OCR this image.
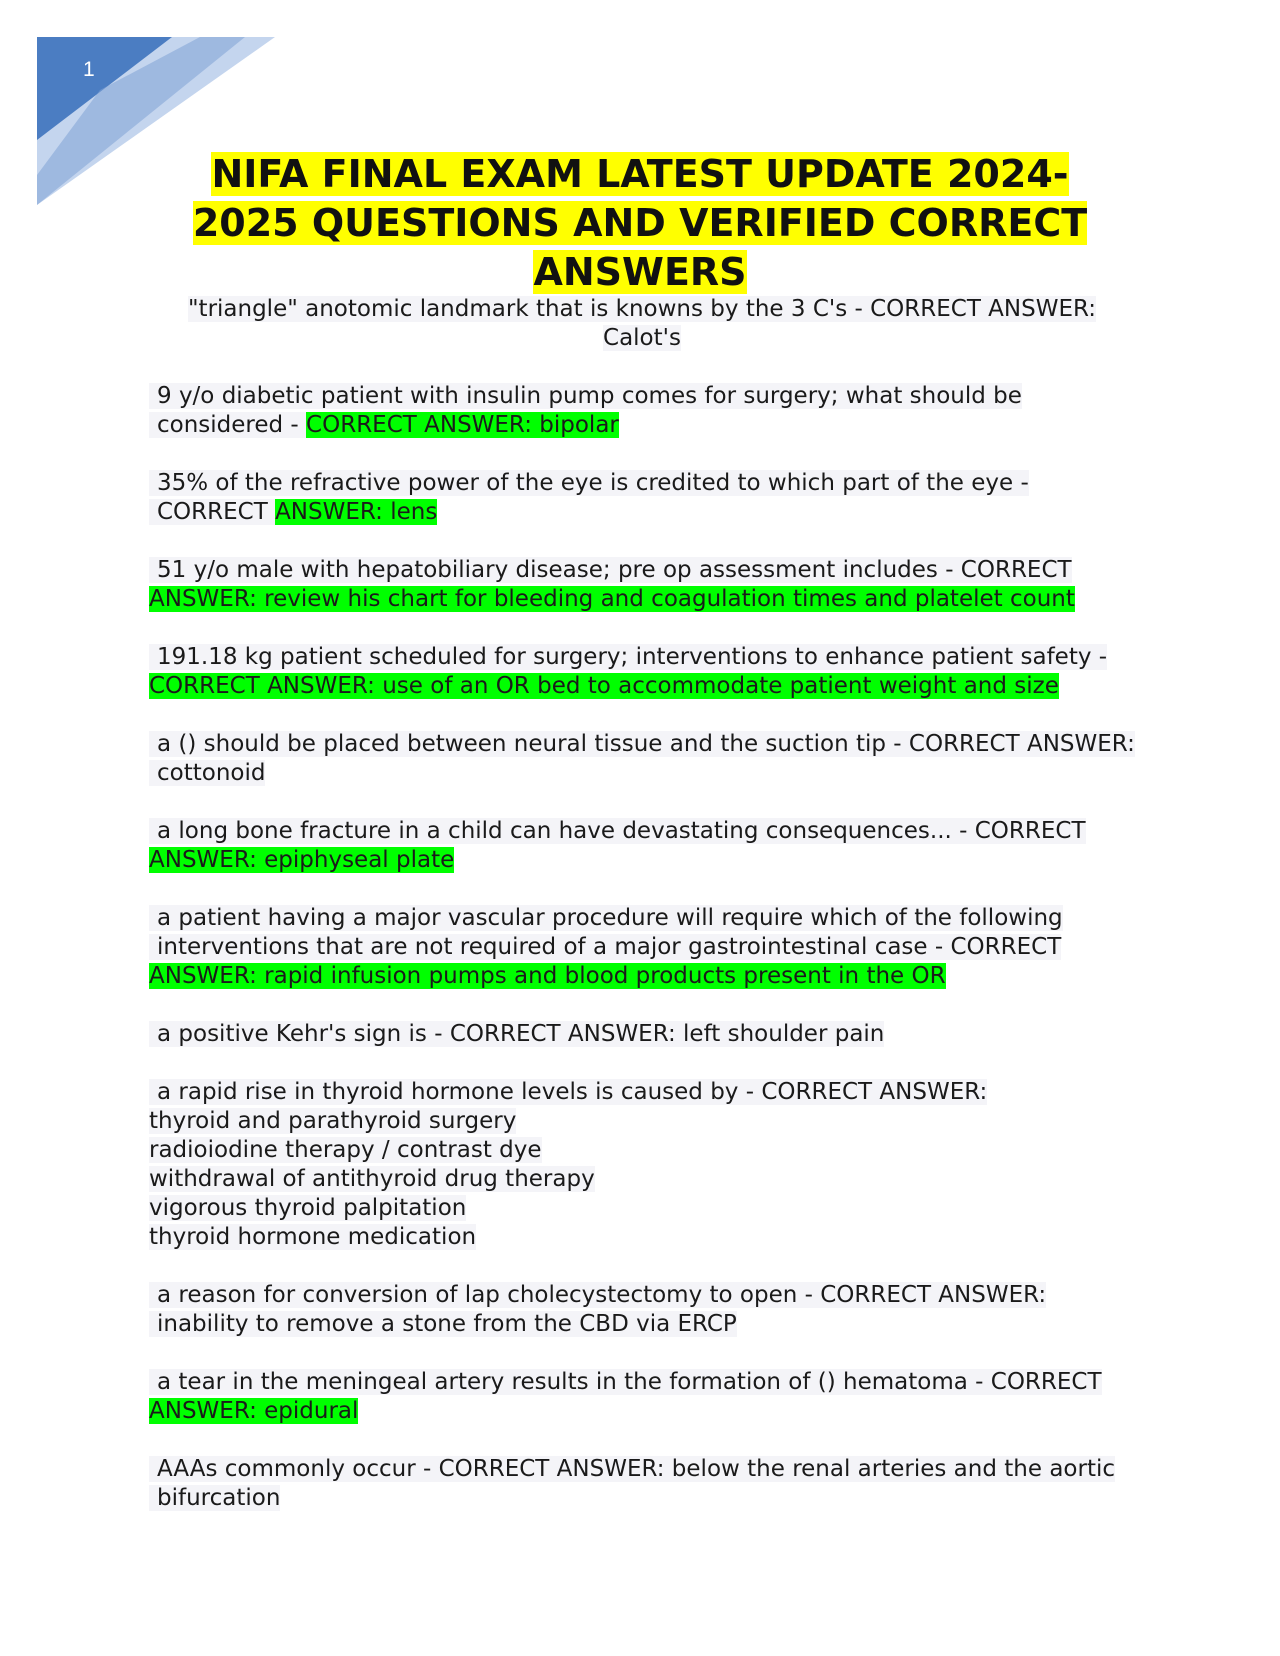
1
NIFA FINAL EXAM LATEST UPDATE 2024-
2025 QUESTIONS AND VERIFIED CORRECT
ANSWERS
"triangle" anotomic landmark that is knowns by the 3 C's - CORRECT ANSWER:
Calot's
9 y/o diabetic patient with insulin pump comes for surgery; what should be considered - CORRECT ANSWER: bipolar
35% of the refractive power of the eye is credited to which part of the eye - CORRECT ANSWER: lens
51 y/o male with hepatobiliary disease; pre op assessment includes - CORRECT ANSWER: review his chart for bleeding and coagulation times and platelet count
191.18 kg patient scheduled for surgery; interventions to enhance patient safety - CORRECT ANSWER: use of an OR bed to accommodate patient weight and size
a () should be placed between neural tissue and the suction tip - CORRECT ANSWER: cottonoid
a long bone fracture in a child can have devastating consequences... - CORRECT ANSWER: epiphyseal plate
a patient having a major vascular procedure will require which of the following interventions that are not required of a major gastrointestinal case - CORRECT ANSWER: rapid infusion pumps and blood products present in the OR
a positive Kehr's sign is - CORRECT ANSWER: left shoulder pain
a rapid rise in thyroid hormone levels is caused by - CORRECT ANSWER:
thyroid and parathyroid surgery
radioiodine therapy / contrast dye
withdrawal of antithyroid drug therapy
vigorous thyroid palpitation
thyroid hormone medication
a reason for conversion of lap cholecystectomy to open - CORRECT ANSWER: inability to remove a stone from the CBD via ERCP
a tear in the meningeal artery results in the formation of () hematoma - CORRECT ANSWER: epidural
AAAs commonly occur - CORRECT ANSWER: below the renal arteries and the aortic bifurcation
